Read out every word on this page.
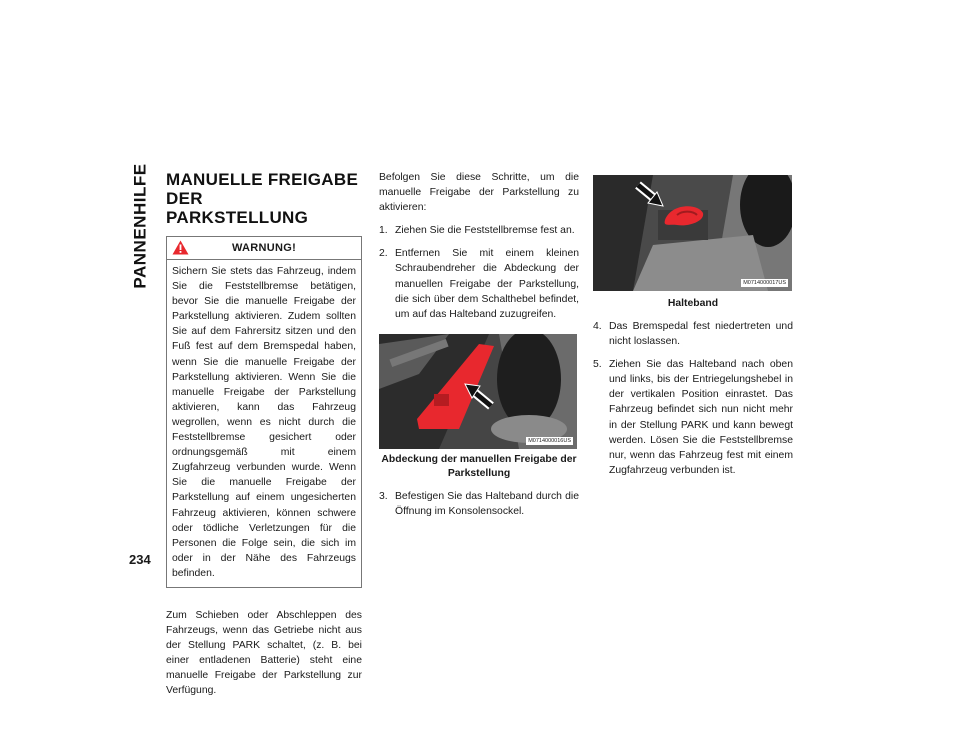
PANNENHILFE
234
MANUELLE FREIGABE DER
PARKSTELLUNG
WARNUNG!
Sichern Sie stets das Fahrzeug, indem Sie die Feststellbremse betätigen, bevor Sie die manuelle Freigabe der Parkstellung aktivieren. Zudem sollten Sie auf dem Fahrersitz sitzen und den Fuß fest auf dem Bremspedal haben, wenn Sie die manuelle Freigabe der Parkstellung aktivieren. Wenn Sie die manuelle Freigabe der Parkstellung aktivieren, kann das Fahrzeug wegrollen, wenn es nicht durch die Feststellbremse gesichert oder ordnungsgemäß mit einem Zugfahrzeug verbunden wurde. Wenn Sie die manuelle Freigabe der Parkstellung auf einem ungesicherten Fahrzeug aktivieren, können schwere oder tödliche Verletzungen für die Personen die Folge sein, die sich im oder in der Nähe des Fahrzeugs befinden.

Zum Schieben oder Abschleppen des Fahrzeugs, wenn das Getriebe nicht aus der Stellung PARK schaltet, (z. B. bei einer entladenen Batterie) steht eine manuelle Freigabe der Parkstellung zur Verfügung.

Befolgen Sie diese Schritte, um die manuelle Freigabe der Parkstellung zu aktivieren:

1. Ziehen Sie die Feststellbremse fest an.
2. Entfernen Sie mit einem kleinen Schraubendreher die Abdeckung der manuellen Freigabe der Parkstellung, die sich über dem Schalthebel befindet, um auf das Halteband zuzugreifen.
M0714000016US
Abdeckung der manuellen Freigabe der Parkstellung
3. Befestigen Sie das Halteband durch die Öffnung im Konsolensockel.
M0714000017US
Halteband
4. Das Bremspedal fest niedertreten und nicht loslassen.
5. Ziehen Sie das Halteband nach oben und links, bis der Entriegelungshebel in der vertikalen Position einrastet. Das Fahrzeug befindet sich nun nicht mehr in der Stellung PARK und kann bewegt werden. Lösen Sie die Feststellbremse nur, wenn das Fahrzeug fest mit einem Zugfahrzeug verbunden ist.
